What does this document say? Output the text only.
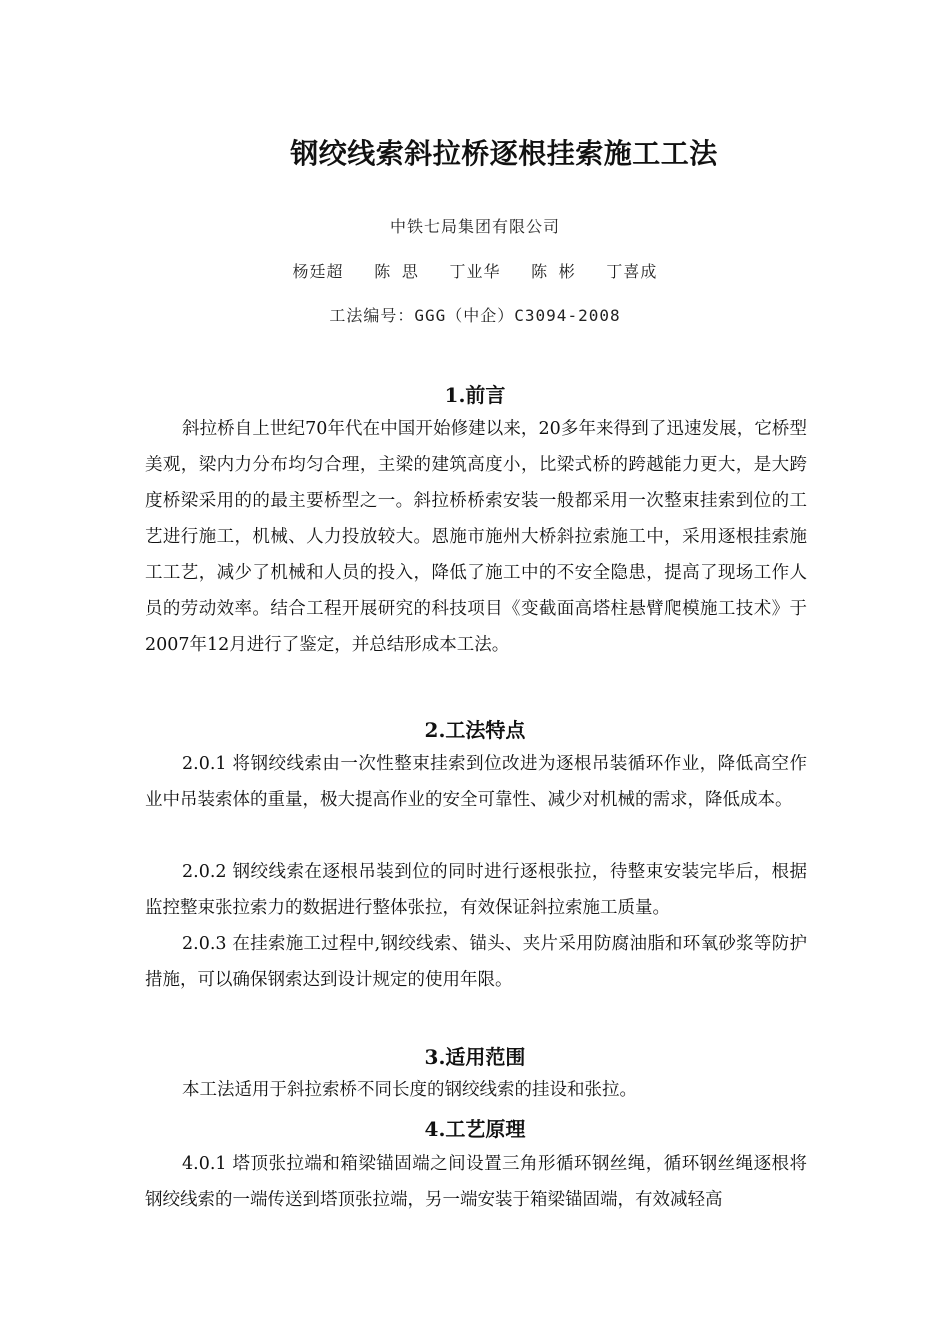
钢绞线索斜拉桥逐根挂索施工工法
中铁七局集团有限公司
杨廷超 陈 思 丁业华 陈 彬 丁喜成
工法编号：GGG（中企）C3094-2008
1.前言

斜拉桥自上世纪70年代在中国开始修建以来，20多年来得到了迅速发展，它桥型美观，梁内力分布均匀合理，主梁的建筑高度小，比梁式桥的跨越能力更大，是大跨度桥梁采用的的最主要桥型之一。斜拉桥桥索安装一般都采用一次整束挂索到位的工艺进行施工，机械、人力投放较大。恩施市施州大桥斜拉索施工中，采用逐根挂索施工工艺，减少了机械和人员的投入，降低了施工中的不安全隐患，提高了现场工作人员的劳动效率。结合工程开展研究的科技项目《变截面高塔柱悬臂爬模施工技术》于2007年12月进行了鉴定，并总结形成本工法。

2.工法特点

2.0.1 将钢绞线索由一次性整束挂索到位改进为逐根吊装循环作业，降低高空作业中吊装索体的重量，极大提高作业的安全可靠性、减少对机械的需求，降低成本。

2.0.2 钢绞线索在逐根吊装到位的同时进行逐根张拉，待整束安装完毕后，根据监控整束张拉索力的数据进行整体张拉，有效保证斜拉索施工质量。

2.0.3 在挂索施工过程中,钢绞线索、锚头、夹片采用防腐油脂和环氧砂浆等防护措施，可以确保钢索达到设计规定的使用年限。

3.适用范围

本工法适用于斜拉索桥不同长度的钢绞线索的挂设和张拉。

4.工艺原理

4.0.1 塔顶张拉端和箱梁锚固端之间设置三角形循环钢丝绳，循环钢丝绳逐根将钢绞线索的一端传送到塔顶张拉端，另一端安装于箱梁锚固端，有效减轻高
